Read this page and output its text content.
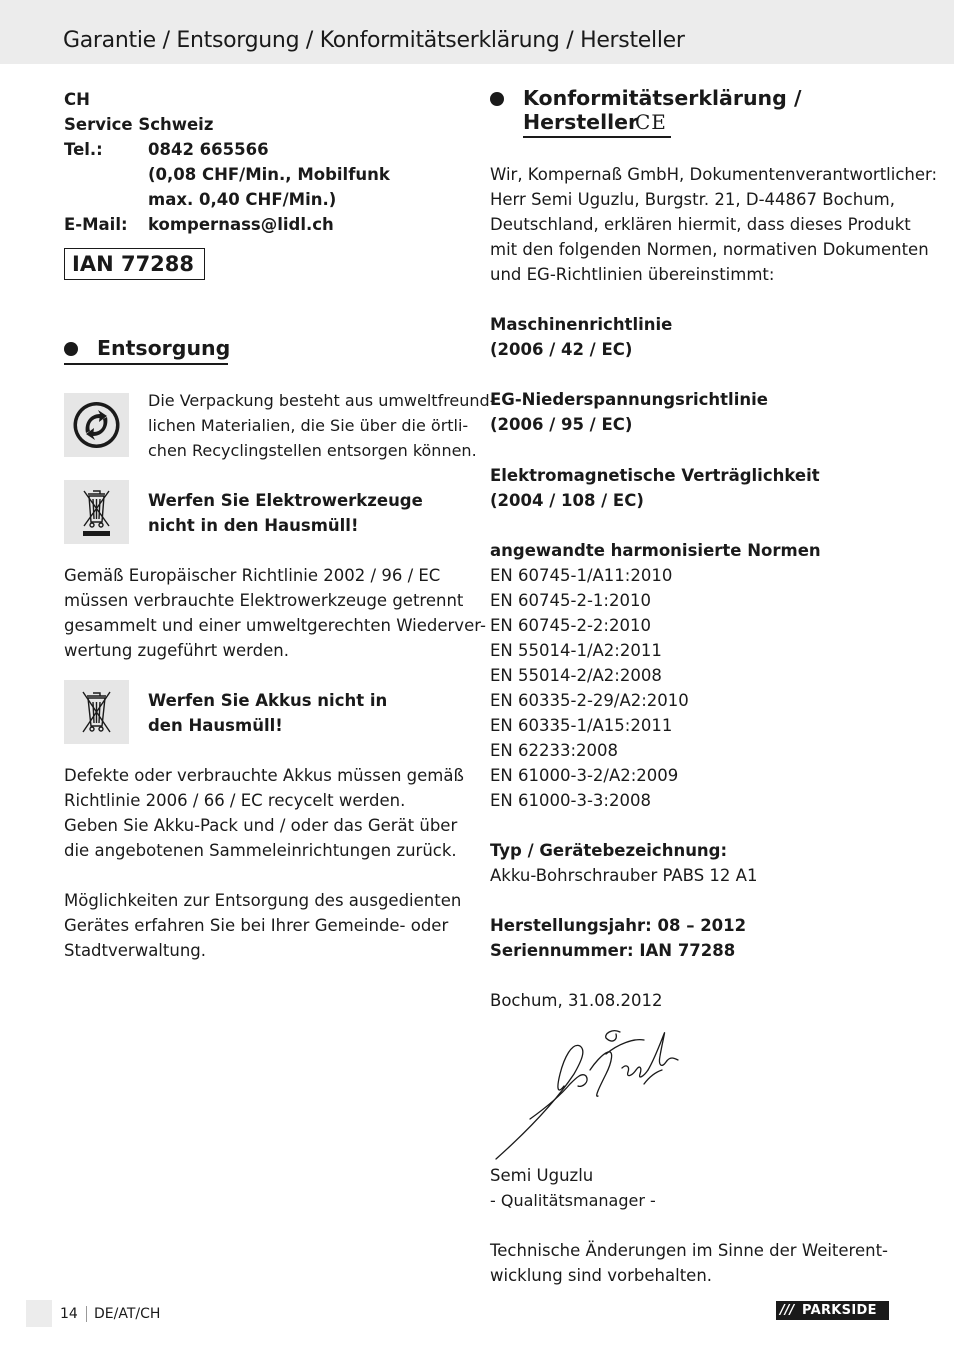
Garantie / Entsorgung / Konformitätserklärung / Hersteller
CH
Service Schweiz
Tel.:	0842 665566
(0,08 CHF/Min., Mobilfunk
max. 0,40 CHF/Min.)
E-Mail: kompernass@lidl.ch
IAN 77288
Entsorgung
Die Verpackung besteht aus umweltfreund-
lichen Materialien, die Sie über die örtli-
chen Recyclingstellen entsorgen können.
Werfen Sie Elektrowerkzeuge
nicht in den Hausmüll!
Gemäß Europäischer Richtlinie 2002 / 96 / EC
müssen verbrauchte Elektrowerkzeuge getrennt
gesammelt und einer umweltgerechten Wiederver-
wertung zugeführt werden.
Werfen Sie Akkus nicht in
den Hausmüll!
Defekte oder verbrauchte Akkus müssen gemäß
Richtlinie 2006 / 66 / EC recycelt werden.
Geben Sie Akku-Pack und / oder das Gerät über
die angebotenen Sammeleinrichtungen zurück.
Möglichkeiten zur Entsorgung des ausgedienten
Gerätes erfahren Sie bei Ihrer Gemeinde- oder
Stadtverwaltung.
Konformitätserklärung /
Hersteller
CE
Wir, Kompernaß GmbH, Dokumentenverantwortlicher:
Herr Semi Uguzlu, Burgstr. 21, D-44867 Bochum,
Deutschland, erklären hiermit, dass dieses Produkt
mit den folgenden Normen, normativen Dokumenten
und EG-Richtlinien übereinstimmt:
Maschinenrichtlinie
(2006 / 42 / EC)
EG-Niederspannungsrichtlinie
(2006 / 95 / EC)
Elektromagnetische Verträglichkeit
(2004 / 108 / EC)
angewandte harmonisierte Normen
EN 60745-1/A11:2010
EN 60745-2-1:2010
EN 60745-2-2:2010
EN 55014-1/A2:2011
EN 55014-2/A2:2008
EN 60335-2-29/A2:2010
EN 60335-1/A15:2011
EN 62233:2008
EN 61000-3-2/A2:2009
EN 61000-3-3:2008
Typ / Gerätebezeichnung:
Akku-Bohrschrauber PABS 12 A1
Herstellungsjahr: 08 – 2012
Seriennummer: IAN 77288
Bochum, 31.08.2012
Semi Uguzlu
- Qualitätsmanager -
Technische Änderungen im Sinne der Weiterent-
wicklung sind vorbehalten.
14 DE/AT/CH	/// PARKSIDE
